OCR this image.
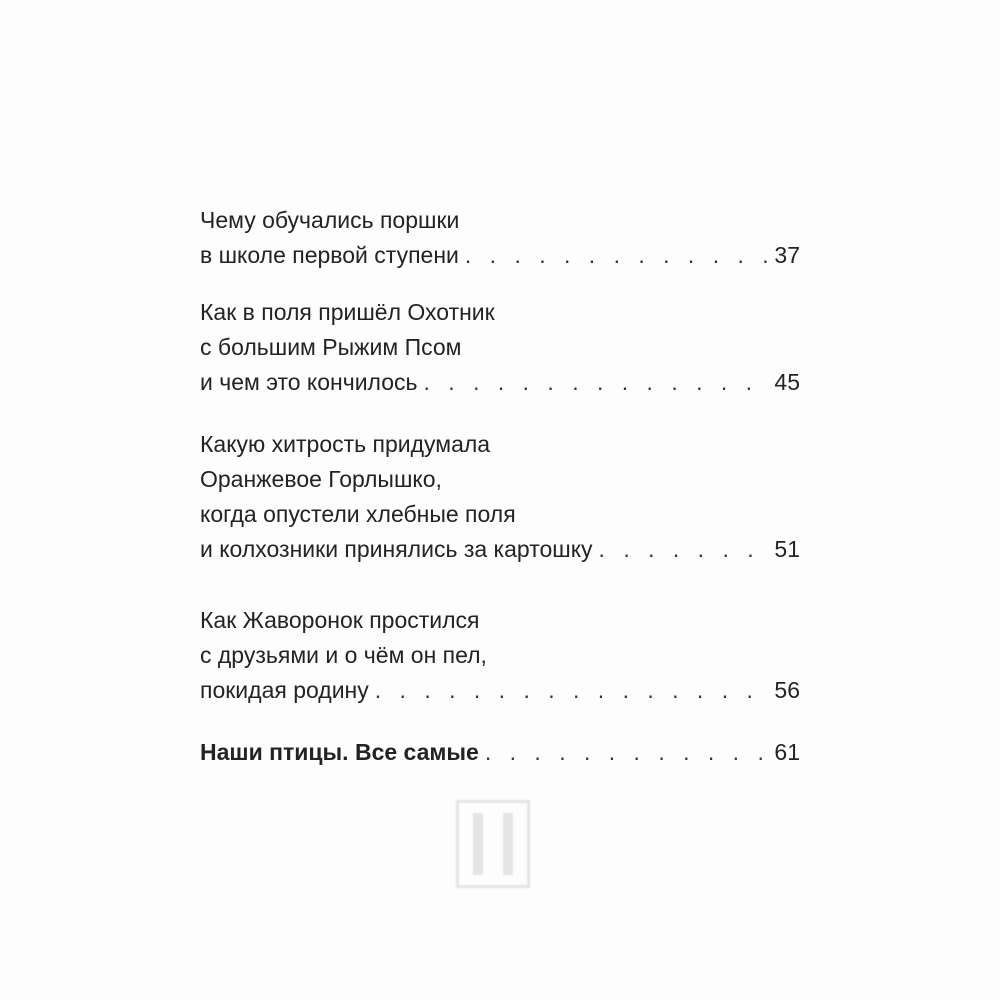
Чему обучались поршки
в школе первой ступени . . .	37
Как в поля пришёл Охотник
с большим Рыжим Псом
и чем это кончилось . . .	45
Какую хитрость придумала
Оранжевое Горлышко,
когда опустели хлебные поля
и колхозники принялись за картошку . . .	51
Как Жаворонок простился
с друзьями и о чём он пел,
покидая родину . . .	56
Наши птицы. Все самые . . .	61
